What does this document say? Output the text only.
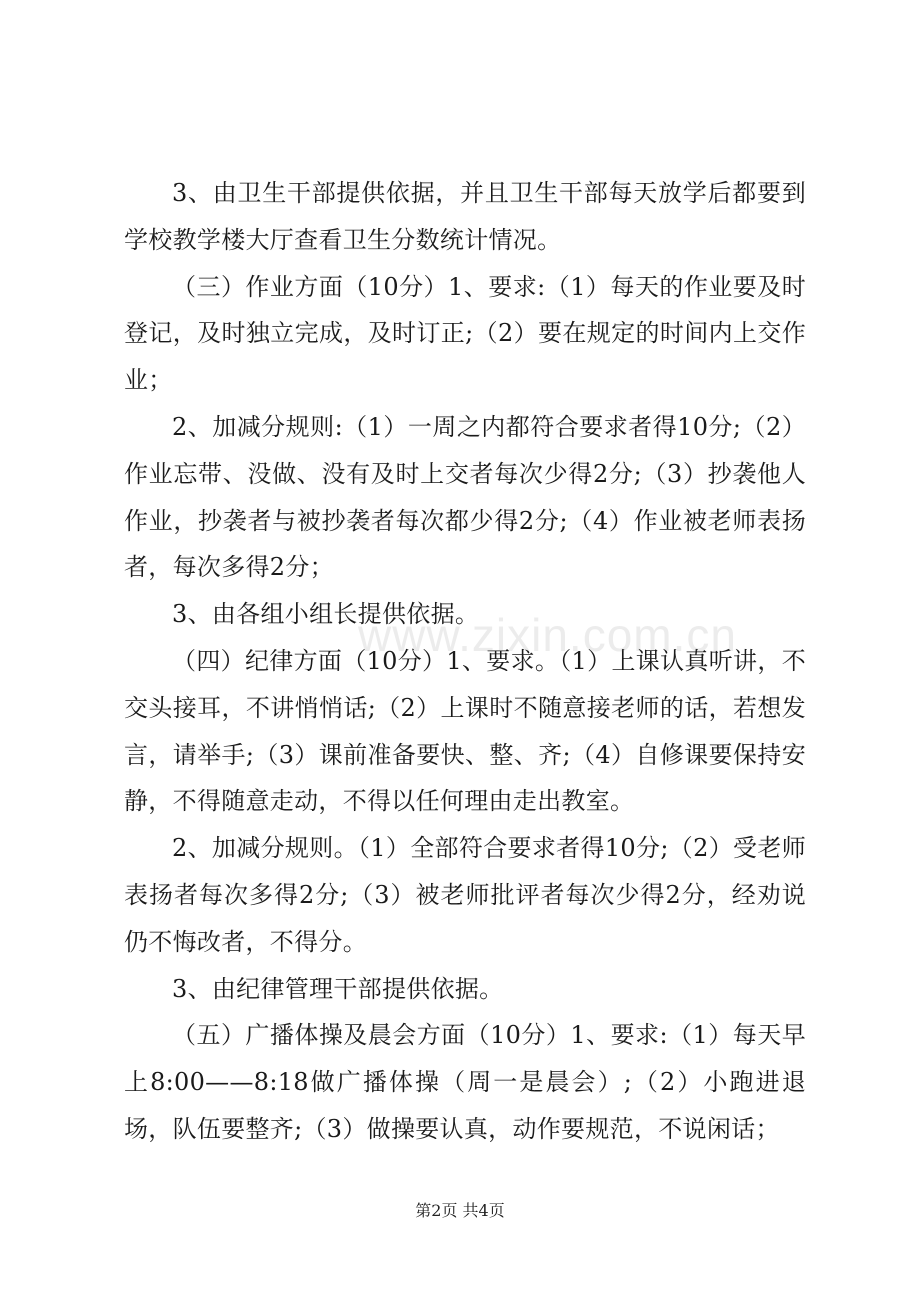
3、由卫生干部提供依据，并且卫生干部每天放学后都要到学校教学楼大厅查看卫生分数统计情况。

（三）作业方面（10分）1、要求:（1）每天的作业要及时登记，及时独立完成，及时订正;（2）要在规定的时间内上交作业；

2、加减分规则:（1）一周之内都符合要求者得10分;（2）作业忘带、没做、没有及时上交者每次少得2分;（3）抄袭他人作业，抄袭者与被抄袭者每次都少得2分;（4）作业被老师表扬者，每次多得2分；

3、由各组小组长提供依据。

（四）纪律方面（10分）1、要求。（1）上课认真听讲，不交头接耳，不讲悄悄话;（2）上课时不随意接老师的话，若想发言，请举手;（3）课前准备要快、整、齐;（4）自修课要保持安静，不得随意走动，不得以任何理由走出教室。

2、加减分规则。（1）全部符合要求者得10分;（2）受老师表扬者每次多得2分;（3）被老师批评者每次少得2分，经劝说仍不悔改者，不得分。

3、由纪律管理干部提供依据。

（五）广播体操及晨会方面（10分）1、要求:（1）每天早上8:00——8:18做广播体操（周一是晨会）;（2）小跑进退场，队伍要整齐;（3）做操要认真，动作要规范，不说闲话；

www.zixin.com.cn
第2页 共4页
